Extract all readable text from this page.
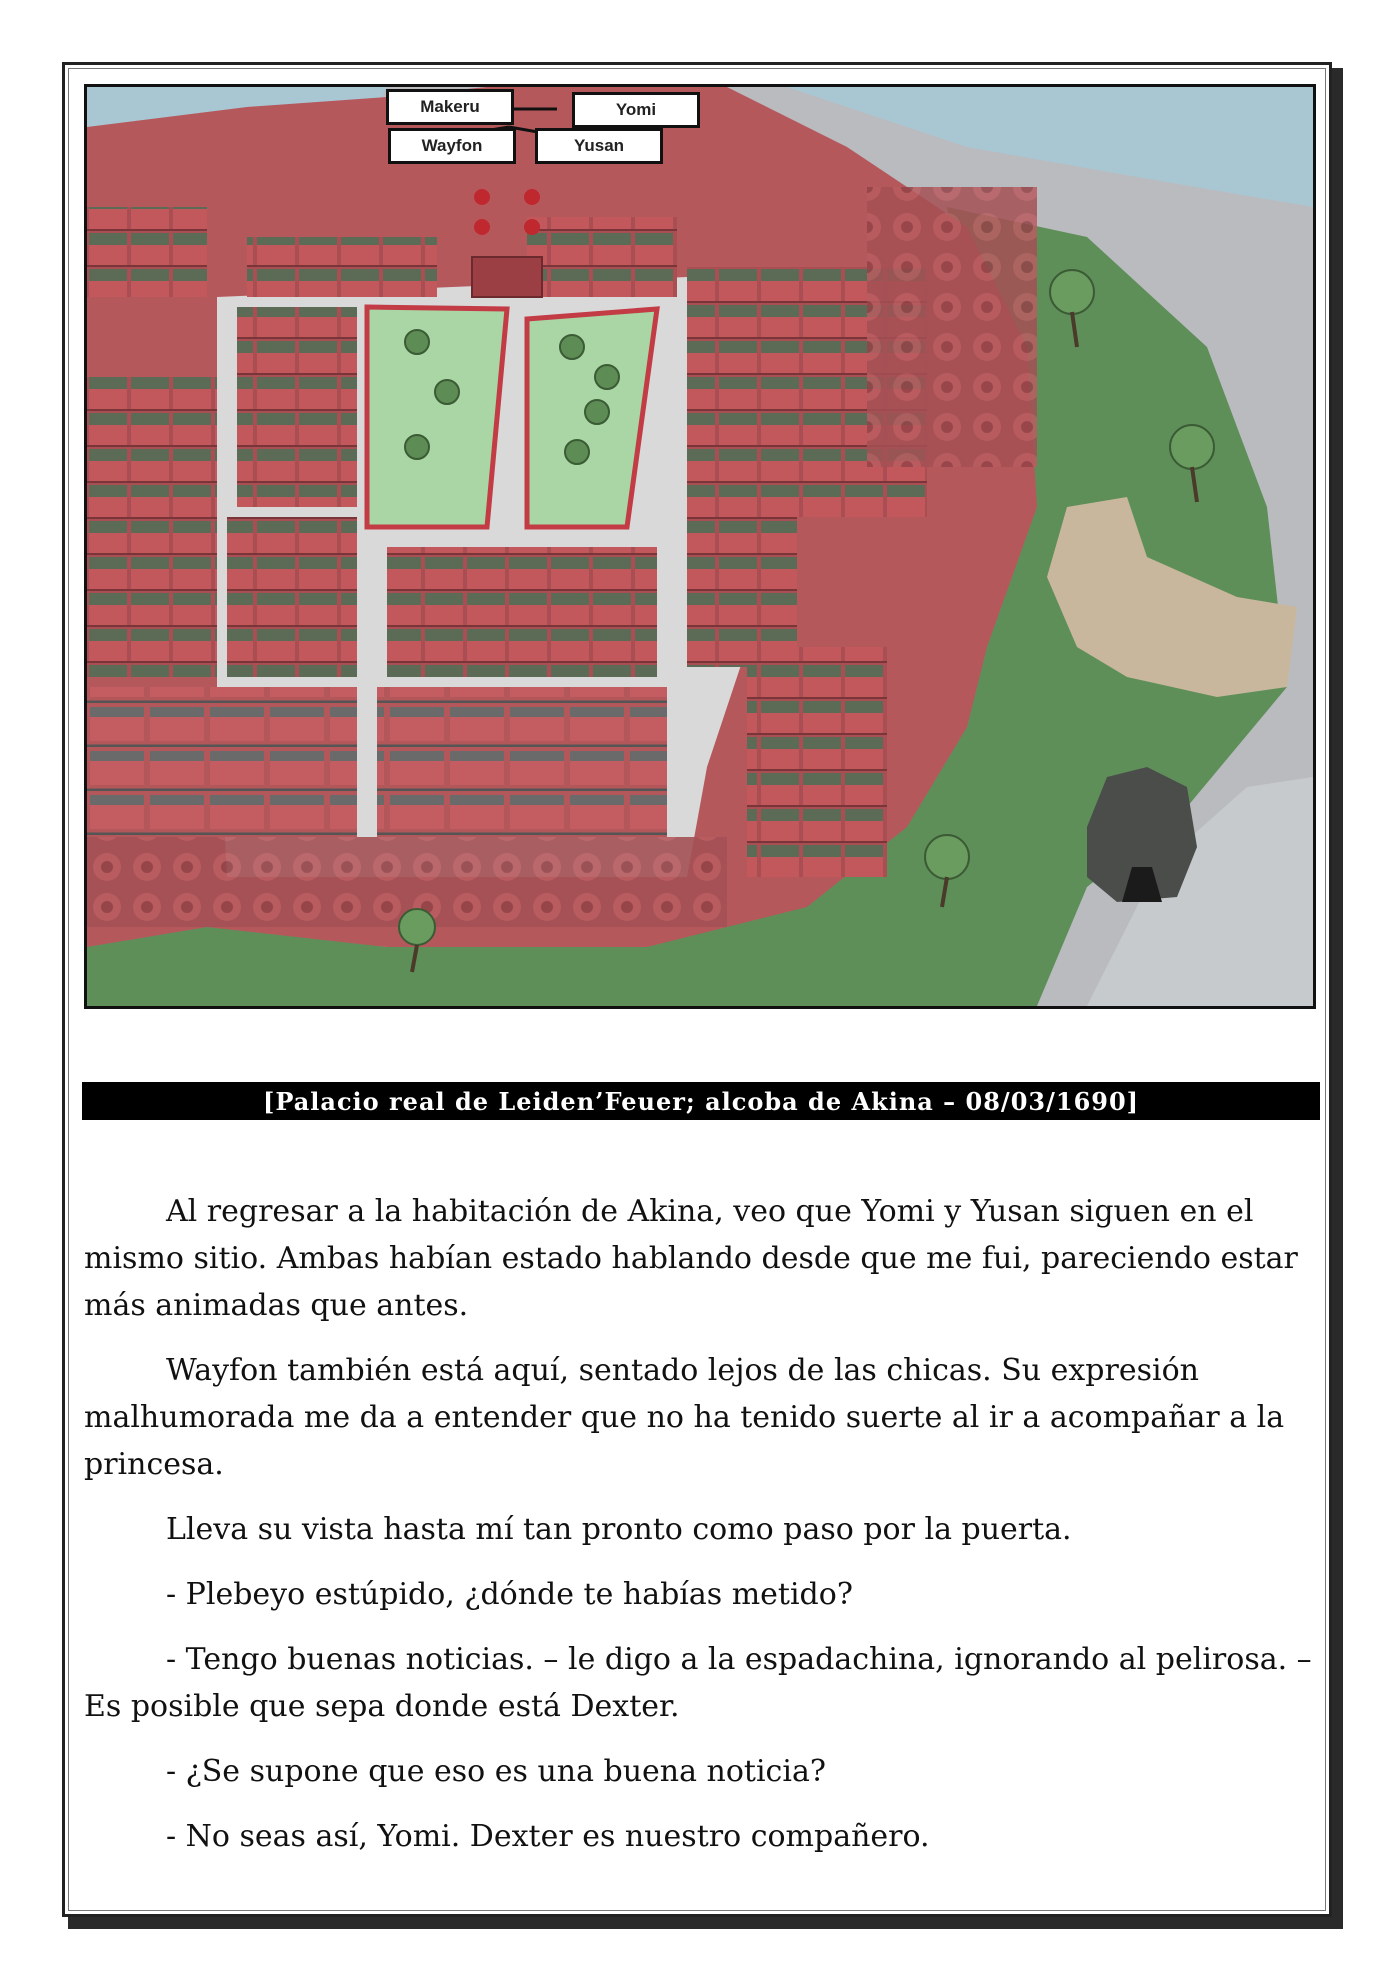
Makeru	Yomi
Wayfon	Yusan
[Palacio real de Leiden’Feuer; alcoba de Akina – 08/03/1690]

Al regresar a la habitación de Akina, veo que Yomi y Yusan siguen en el mismo sitio. Ambas habían estado hablando desde que me fui, pareciendo estar más animadas que antes.

Wayfon también está aquí, sentado lejos de las chicas. Su expresión malhumorada me da a entender que no ha tenido suerte al ir a acompañar a la princesa.

Lleva su vista hasta mí tan pronto como paso por la puerta.

- Plebeyo estúpido, ¿dónde te habías metido?

- Tengo buenas noticias. – le digo a la espadachina, ignorando al pelirosa. – Es posible que sepa donde está Dexter.

- ¿Se supone que eso es una buena noticia?

- No seas así, Yomi. Dexter es nuestro compañero.
